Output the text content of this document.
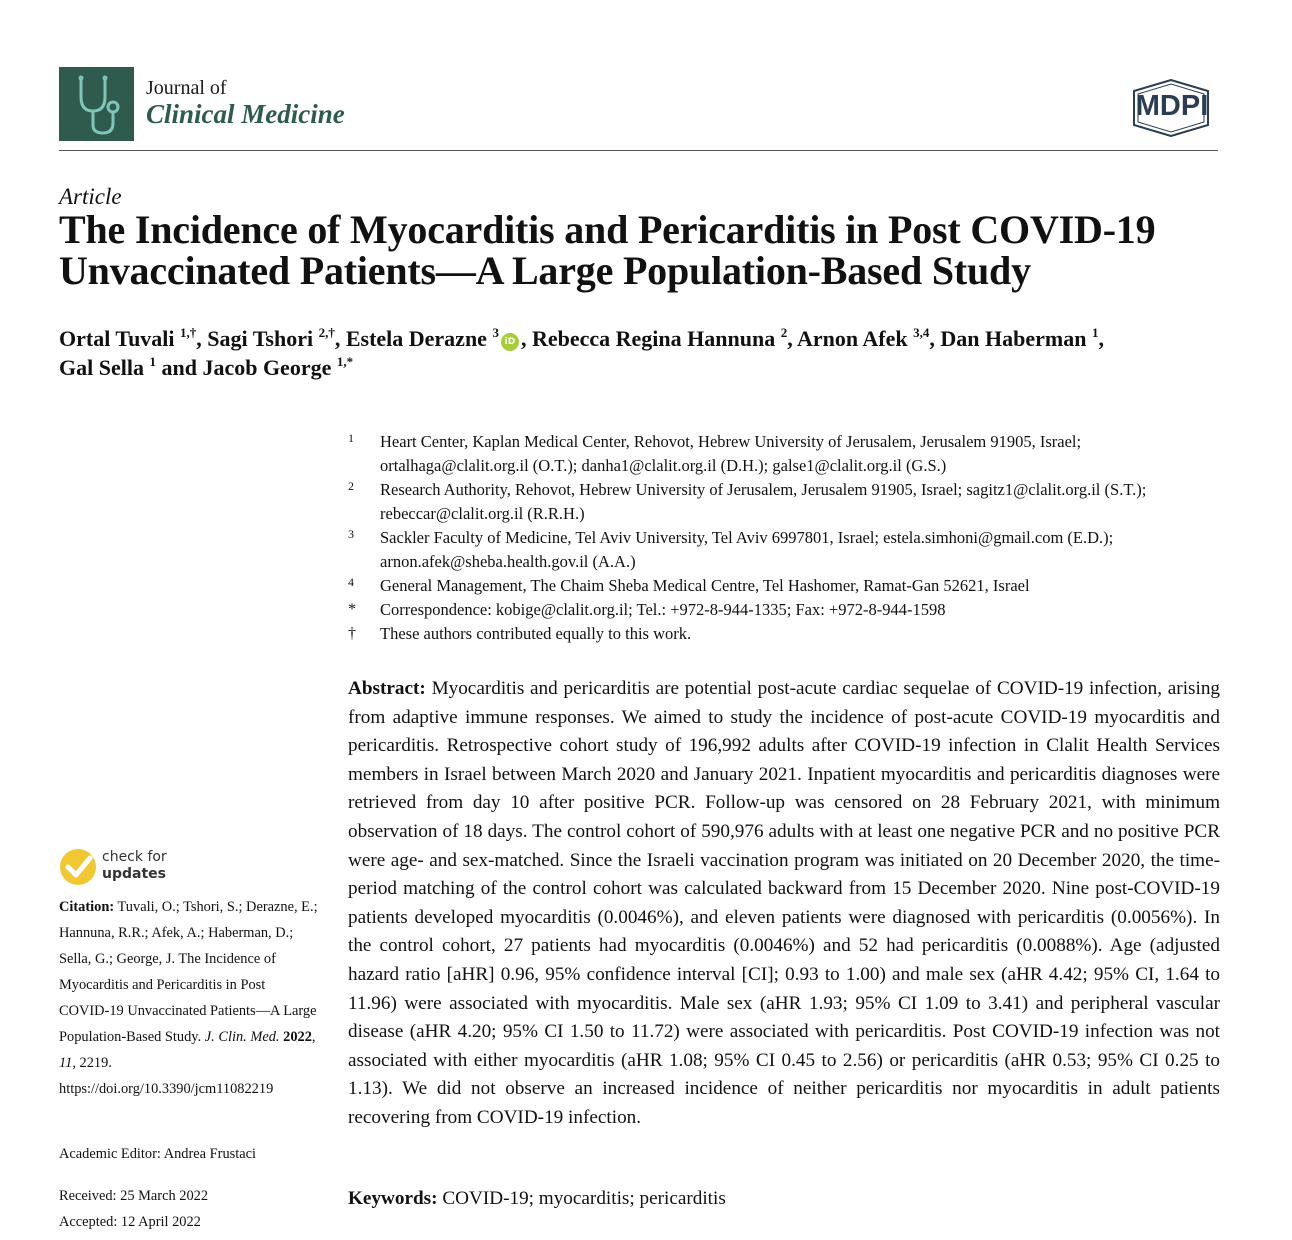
Journal of
Clinical Medicine	MDPI
Article
The Incidence of Myocarditis and Pericarditis in Post COVID-19 Unvaccinated Patients—A Large Population-Based Study
Ortal Tuvali $^{1,\dagger}$, Sagi Tshori $^{2,\dagger}$, Estela Derazne $^3$iD , Rebecca Regina Hannuna $^2$, Arnon Afek $^{3,4}$, Dan Haberman $^1$,
Gal Sella $^1$ and Jacob George $^{1,*}$
1	Heart Center, Kaplan Medical Center, Rehovot, Hebrew University of Jerusalem, Jerusalem 91905, Israel; ortalhaga@clalit.org.il (O.T.); danha1@clalit.org.il (D.H.); galse1@clalit.org.il (G.S.)
2	Research Authority, Rehovot, Hebrew University of Jerusalem, Jerusalem 91905, Israel; sagitz1@clalit.org.il (S.T.); rebeccar@clalit.org.il (R.R.H.)
3	Sackler Faculty of Medicine, Tel Aviv University, Tel Aviv 6997801, Israel; estela.simhoni@gmail.com (E.D.); arnon.afek@sheba.health.gov.il (A.A.)
4	General Management, The Chaim Sheba Medical Centre, Tel Hashomer, Ramat-Gan 52621, Israel
*	Correspondence: kobige@clalit.org.il; Tel.: +972-8-944-1335; Fax: +972-8-944-1598
†	These authors contributed equally to this work.
Abstract: Myocarditis and pericarditis are potential post-acute cardiac sequelae of COVID-19 infection, arising from adaptive immune responses. We aimed to study the incidence of post-acute COVID-19 myocarditis and pericarditis. Retrospective cohort study of 196,992 adults after COVID-19 infection in Clalit Health Services members in Israel between March 2020 and January 2021. Inpatient myocarditis and pericarditis diagnoses were retrieved from day 10 after positive PCR. Follow-up was censored on 28 February 2021, with minimum observation of 18 days. The control cohort of 590,976 adults with at least one negative PCR and no positive PCR were age- and sex-matched. Since the Israeli vaccination program was initiated on 20 December 2020, the time-period matching of the control cohort was calculated backward from 15 December 2020. Nine post-COVID-19 patients developed myocarditis (0.0046%), and eleven patients were diagnosed with pericarditis (0.0056%). In the control cohort, 27 patients had myocarditis (0.0046%) and 52 had pericarditis (0.0088%). Age (adjusted hazard ratio [aHR] 0.96, 95% confidence interval [CI]; 0.93 to 1.00) and male sex (aHR 4.42; 95% CI, 1.64 to 11.96) were associated with myocarditis. Male sex (aHR 1.93; 95% CI 1.09 to 3.41) and peripheral vascular disease (aHR 4.20; 95% CI 1.50 to 11.72) were associated with pericarditis. Post COVID-19 infection was not associated with either myocarditis (aHR 1.08; 95% CI 0.45 to 2.56) or pericarditis (aHR 0.53; 95% CI 0.25 to 1.13). We did not observe an increased incidence of neither pericarditis nor myocarditis in adult patients recovering from COVID-19 infection.
Keywords: COVID-19; myocarditis; pericarditis
check for
updates
Citation: Tuvali, O.; Tshori, S.; Derazne, E.; Hannuna, R.R.; Afek, A.; Haberman, D.; Sella, G.; George, J. The Incidence of Myocarditis and Pericarditis in Post COVID-19 Unvaccinated Patients—A Large Population-Based Study. J. Clin. Med. 2022, 11, 2219. https://doi.org/10.3390/jcm11082219
Academic Editor: Andrea Frustaci
Received: 25 March 2022
Accepted: 12 April 2022
